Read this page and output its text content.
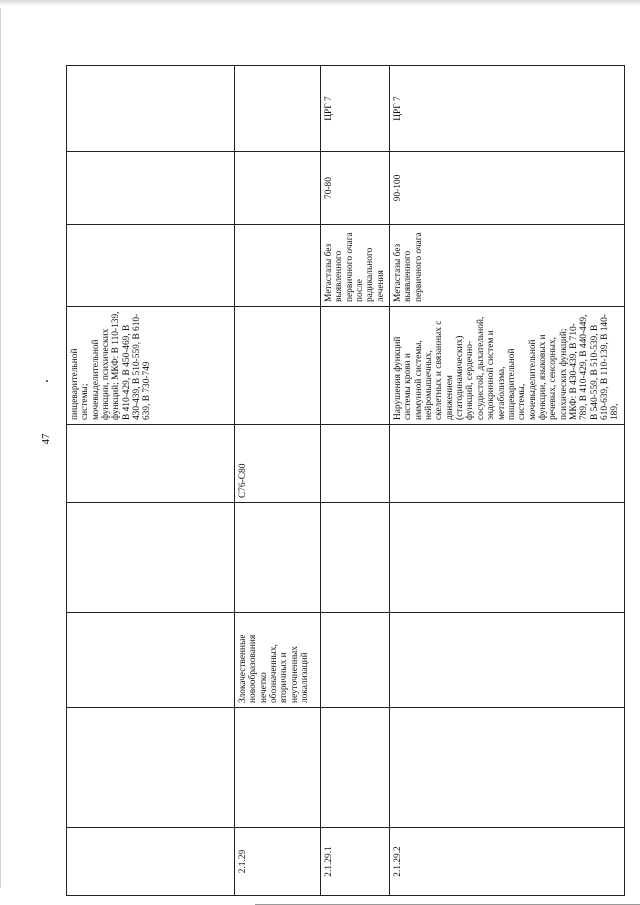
47
					пищеварительной системы; мочевыделительной функции, психических функций; МКФ: В 110-139, В 410-429, В 450-469, В 430-439, В 510-559, В 610-639, В 730-749			
2.1.29		Злокачественные новообразования нечетко обозначенных, вторичных и неуточненных локализаций		C76-C80				
2.1.29.1						Метастазы без выявленного первичного очага после радикального лечения	70-80	ЦРГ 7
2.1.29.2					Нарушения функций системы крови и иммунной системы, нейромышечных, скелетных и связанных с движением (статодинамических) функций, сердечно-сосудистой, дыхательной, эндокринной систем и метаболизма, пищеварительной системы, мочевыделительной функции, языковых и речевых, сенсорных, психических функций; МКФ: В 430-439, В 710-789, В 410-429, В 440-449, В 540-559, В 510-539, В 610-639, В 110-139, В 140-189,	Метастазы без выявленного первичного очага	90-100	ЦРГ 7
